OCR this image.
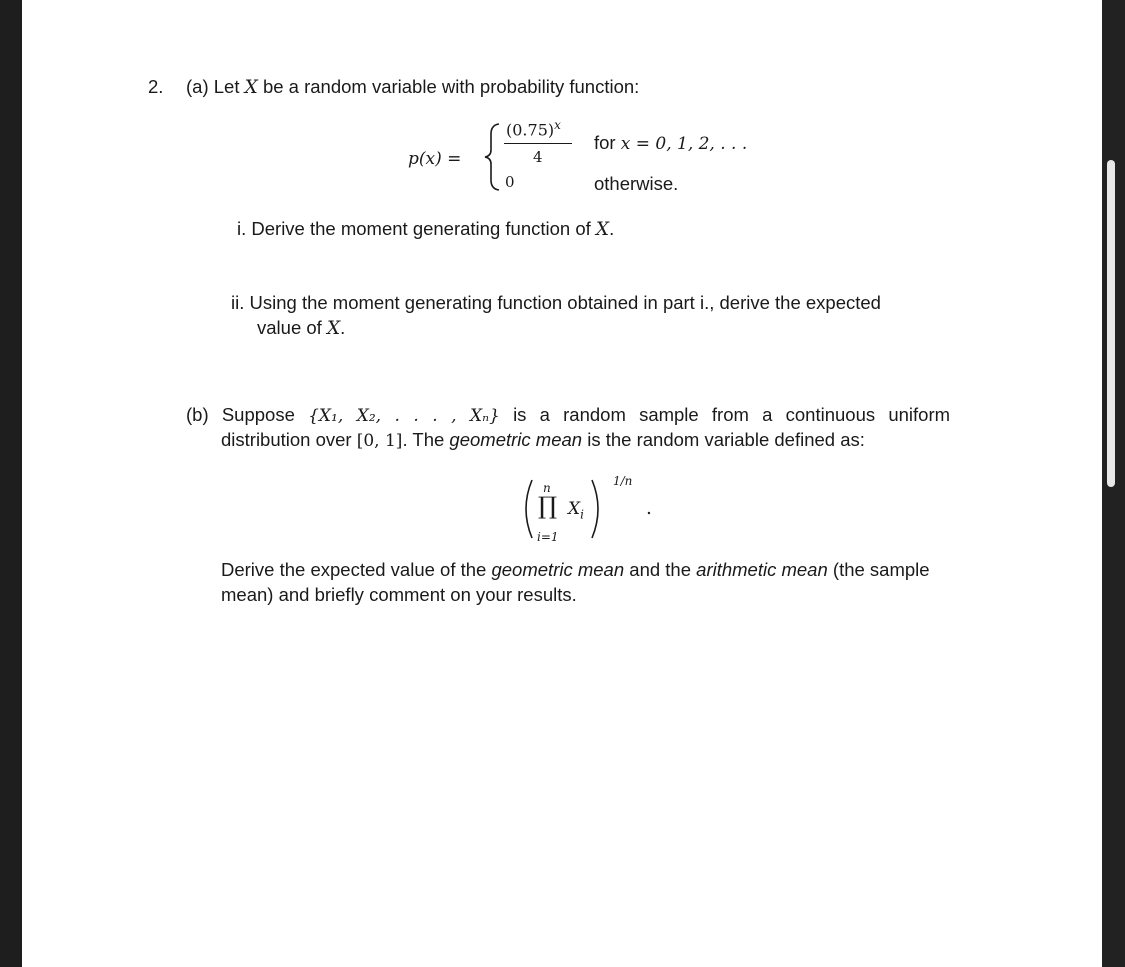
2. (a) Let X be a random variable with probability function:
p(x) =
$(0.75)^x$
4
for x = 0, 1, 2, . . .
0	otherwise.
i. Derive the moment generating function of X.
ii. Using the moment generating function obtained in part i., derive the expected
value of X.
(b) Suppose {X₁, X₂, . . . , Xₙ} is a random sample from a continuous uniform
distribution over [0, 1]. The geometric mean is the random variable defined as:
n
∏ $X_i$
i=1
1/n
.
Derive the expected value of the geometric mean and the arithmetic mean (the sample
mean) and briefly comment on your results.
